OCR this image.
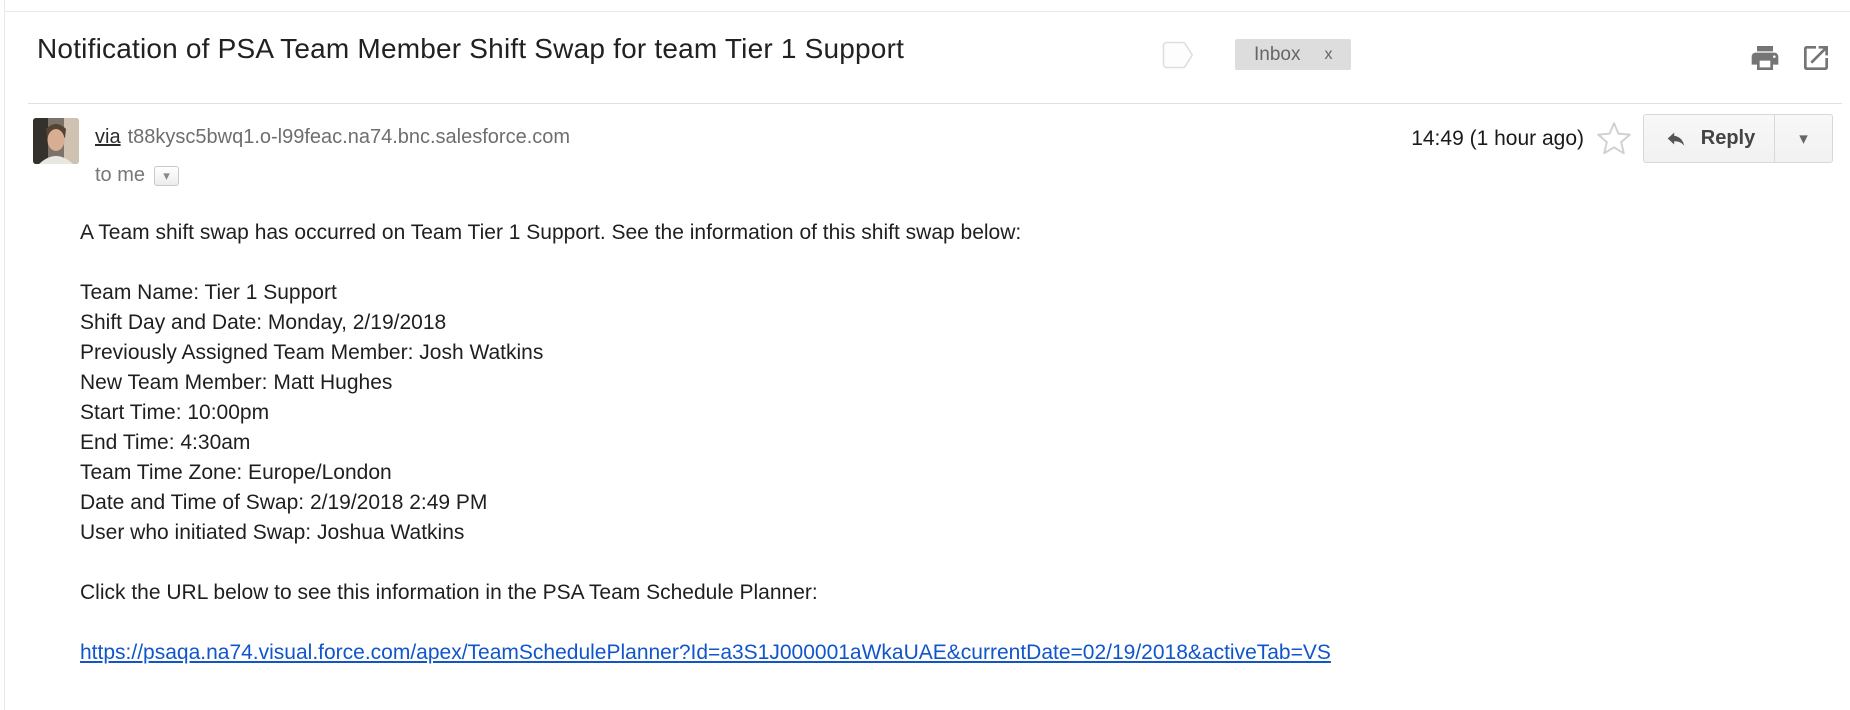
Notification of PSA Team Member Shift Swap for team Tier 1 Support	Inbox x
via t88kysc5bwq1.o-l99feac.na74.bnc.salesforce.com
to me ▾
14:49 (1 hour ago)	Reply	▾
A Team shift swap has occurred on Team Tier 1 Support. See the information of this shift swap below:
Team Name: Tier 1 Support
Shift Day and Date: Monday, 2/19/2018
Previously Assigned Team Member: Josh Watkins
New Team Member: Matt Hughes
Start Time: 10:00pm
End Time: 4:30am
Team Time Zone: Europe/London
Date and Time of Swap: 2/19/2018 2:49 PM
User who initiated Swap: Joshua Watkins
Click the URL below to see this information in the PSA Team Schedule Planner:
https://psaqa.na74.visual.force.com/apex/TeamSchedulePlanner?Id=a3S1J000001aWkaUAE&currentDate=02/19/2018&activeTab=VS
